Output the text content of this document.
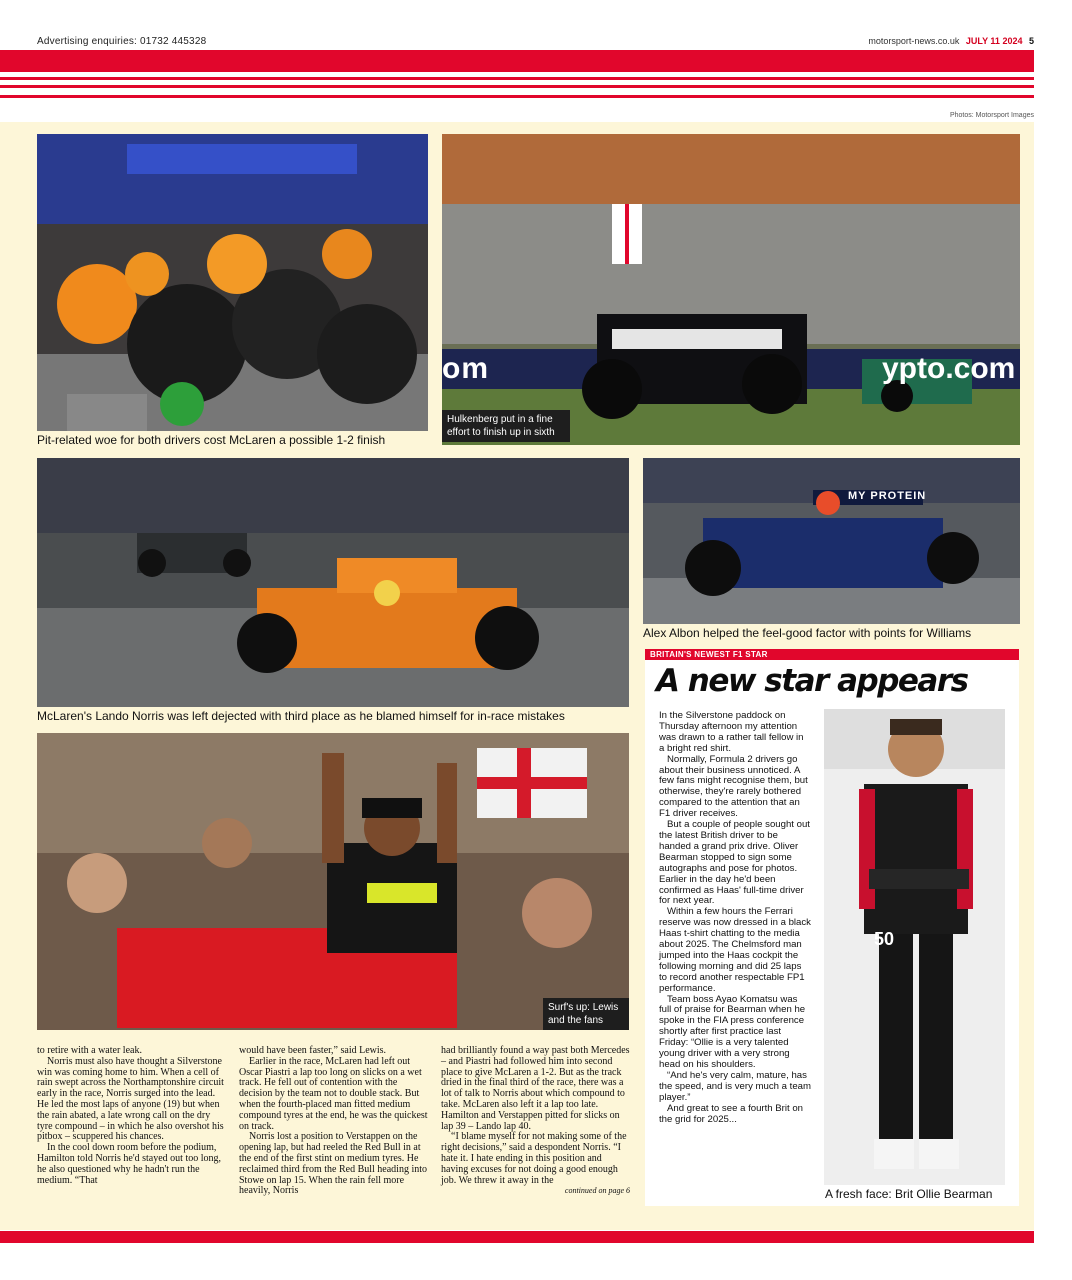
Advertising enquiries: 01732 445328	motorsport-news.co.uk JULY 11 2024 5
Photos: Motorsport Images
Pit-related woe for both drivers cost McLaren a possible 1-2 finish
om	ypto.com
Hulkenberg put in a fine effort to finish up in sixth
McLaren's Lando Norris was left dejected with third place as he blamed himself for in-race mistakes
MY PROTEIN
Alex Albon helped the feel-good factor with points for Williams
Surf's up: Lewis and the fans

to retire with a water leak.

Norris must also have thought a Silverstone win was coming home to him. When a cell of rain swept across the Northamptonshire circuit early in the race, Norris surged into the lead. He led the most laps of anyone (19) but when the rain abated, a late wrong call on the dry tyre compound – in which he also overshot his pitbox – scuppered his chances.

In the cool down room before the podium, Hamilton told Norris he'd stayed out too long, he also questioned why he hadn't run the medium. “That

would have been faster,” said Lewis.

Earlier in the race, McLaren had left out Oscar Piastri a lap too long on slicks on a wet track. He fell out of contention with the decision by the team not to double stack. But when the fourth-placed man fitted medium compound tyres at the end, he was the quickest on track.

Norris lost a position to Verstappen on the opening lap, but had reeled the Red Bull in at the end of the first stint on medium tyres. He reclaimed third from the Red Bull heading into Stowe on lap 15. When the rain fell more heavily, Norris

had brilliantly found a way past both Mercedes – and Piastri had followed him into second place to give McLaren a 1-2. But as the track dried in the final third of the race, there was a lot of talk to Norris about which compound to take. McLaren also left it a lap too late. Hamilton and Verstappen pitted for slicks on lap 39 – Lando lap 40.

“I blame myself for not making some of the right decisions,” said a despondent Norris. “I hate it. I hate ending in this position and having excuses for not doing a good enough job. We threw it away in the

continued on page 6
BRITAIN'S NEWEST F1 STAR
A new star appears

In the Silverstone paddock on Thursday afternoon my attention was drawn to a rather tall fellow in a bright red shirt.

Normally, Formula 2 drivers go about their business unnoticed. A few fans might recognise them, but otherwise, they're rarely bothered compared to the attention that an F1 driver receives.

But a couple of people sought out the latest British driver to be handed a grand prix drive. Oliver Bearman stopped to sign some autographs and pose for photos. Earlier in the day he'd been confirmed as Haas' full-time driver for next year.

Within a few hours the Ferrari reserve was now dressed in a black Haas t-shirt chatting to the media about 2025. The Chelmsford man jumped into the Haas cockpit the following morning and did 25 laps to record another respectable FP1 performance.

Team boss Ayao Komatsu was full of praise for Bearman when he spoke in the FIA press conference shortly after first practice last Friday: “Ollie is a very talented young driver with a very strong head on his shoulders.

“And he's very calm, mature, has the speed, and is very much a team player.”

And great to see a fourth Brit on the grid for 2025...

50
A fresh face: Brit Ollie Bearman
